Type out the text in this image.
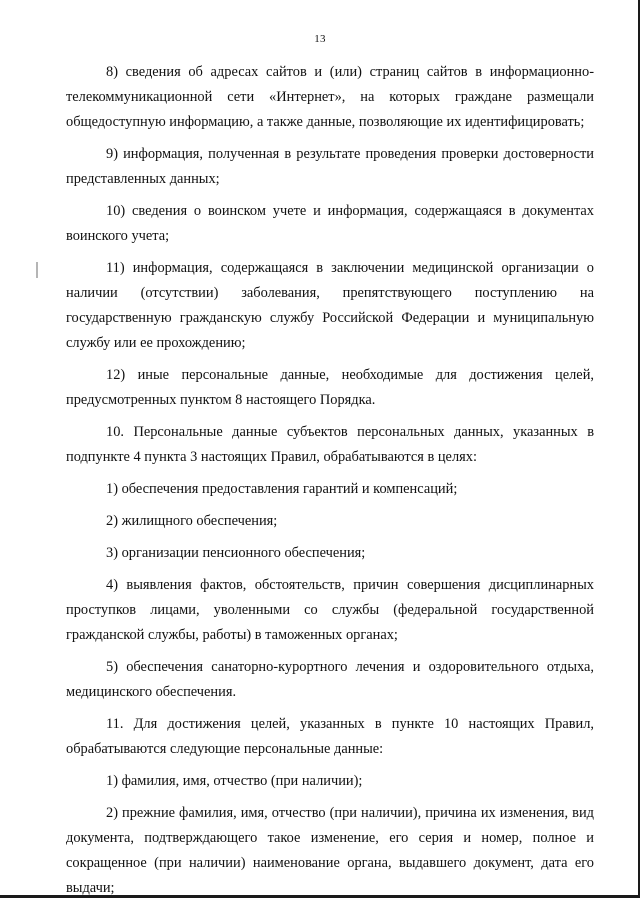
13

8) сведения об адресах сайтов и (или) страниц сайтов в информационно-телекоммуникационной сети «Интернет», на которых граждане размещали общедоступную информацию, а также данные, позволяющие их идентифицировать;

9) информация, полученная в результате проведения проверки достоверности представленных данных;

10) сведения о воинском учете и информация, содержащаяся в документах воинского учета;

11) информация, содержащаяся в заключении медицинской организации о наличии (отсутствии) заболевания, препятствующего поступлению на государственную гражданскую службу Российской Федерации и муниципальную службу или ее прохождению;

12) иные персональные данные, необходимые для достижения целей, предусмотренных пунктом 8 настоящего Порядка.

10. Персональные данные субъектов персональных данных, указанных в подпункте 4 пункта 3 настоящих Правил, обрабатываются в целях:

1) обеспечения предоставления гарантий и компенсаций;

2) жилищного обеспечения;

3) организации пенсионного обеспечения;

4) выявления фактов, обстоятельств, причин совершения дисциплинарных проступков лицами, уволенными со службы (федеральной государственной гражданской службы, работы) в таможенных органах;

5) обеспечения санаторно-курортного лечения и оздоровительного отдыха, медицинского обеспечения.

11. Для достижения целей, указанных в пункте 10 настоящих Правил, обрабатываются следующие персональные данные:

1) фамилия, имя, отчество (при наличии);

2) прежние фамилия, имя, отчество (при наличии), причина их изменения, вид документа, подтверждающего такое изменение, его серия и номер, полное и сокращенное (при наличии) наименование органа, выдавшего документ, дата его выдачи;
